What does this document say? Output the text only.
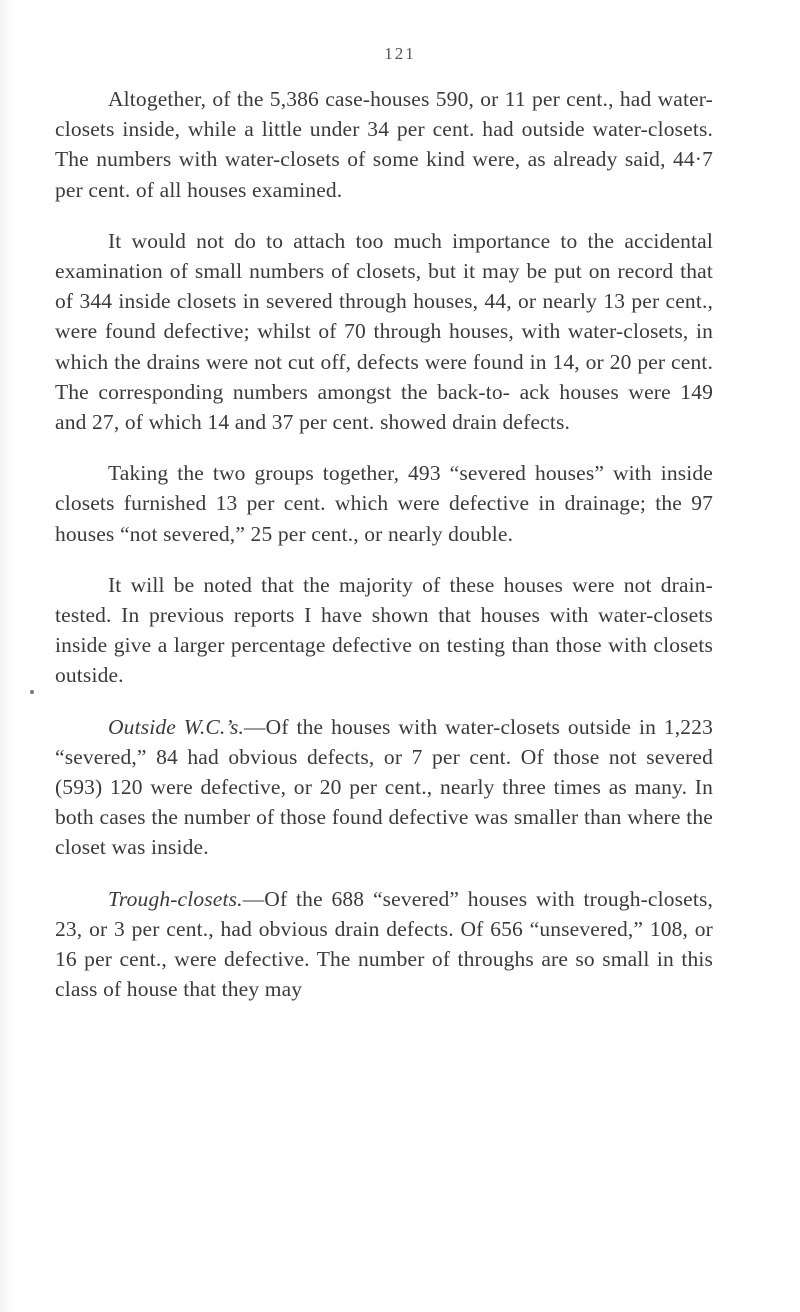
121

Altogether, of the 5,386 case-houses 590, or 11 per cent., had water-closets inside, while a little under 34 per cent. had outside water-closets. The numbers with water-closets of some kind were, as already said, 44·7 per cent. of all houses examined.

It would not do to attach too much importance to the accidental examination of small numbers of closets, but it may be put on record that of 344 inside closets in severed through houses, 44, or nearly 13 per cent., were found defective; whilst of 70 through houses, with water-closets, in which the drains were not cut off, defects were found in 14, or 20 per cent. The corresponding numbers amongst the back-to- ack houses were 149 and 27, of which 14 and 37 per cent. showed drain defects.

Taking the two groups together, 493 “severed houses” with inside closets furnished 13 per cent. which were defective in drainage; the 97 houses “not severed,” 25 per cent., or nearly double.

It will be noted that the majority of these houses were not drain-tested. In previous reports I have shown that houses with water-closets inside give a larger percentage defective on testing than those with closets outside.

Outside W.C.’s.—Of the houses with water-closets outside in 1,223 “severed,” 84 had obvious defects, or 7 per cent. Of those not severed (593) 120 were defective, or 20 per cent., nearly three times as many. In both cases the number of those found defective was smaller than where the closet was inside.

Trough-closets.—Of the 688 “severed” houses with trough-closets, 23, or 3 per cent., had obvious drain defects. Of 656 “unsevered,” 108, or 16 per cent., were defective. The number of throughs are so small in this class of house that they may
